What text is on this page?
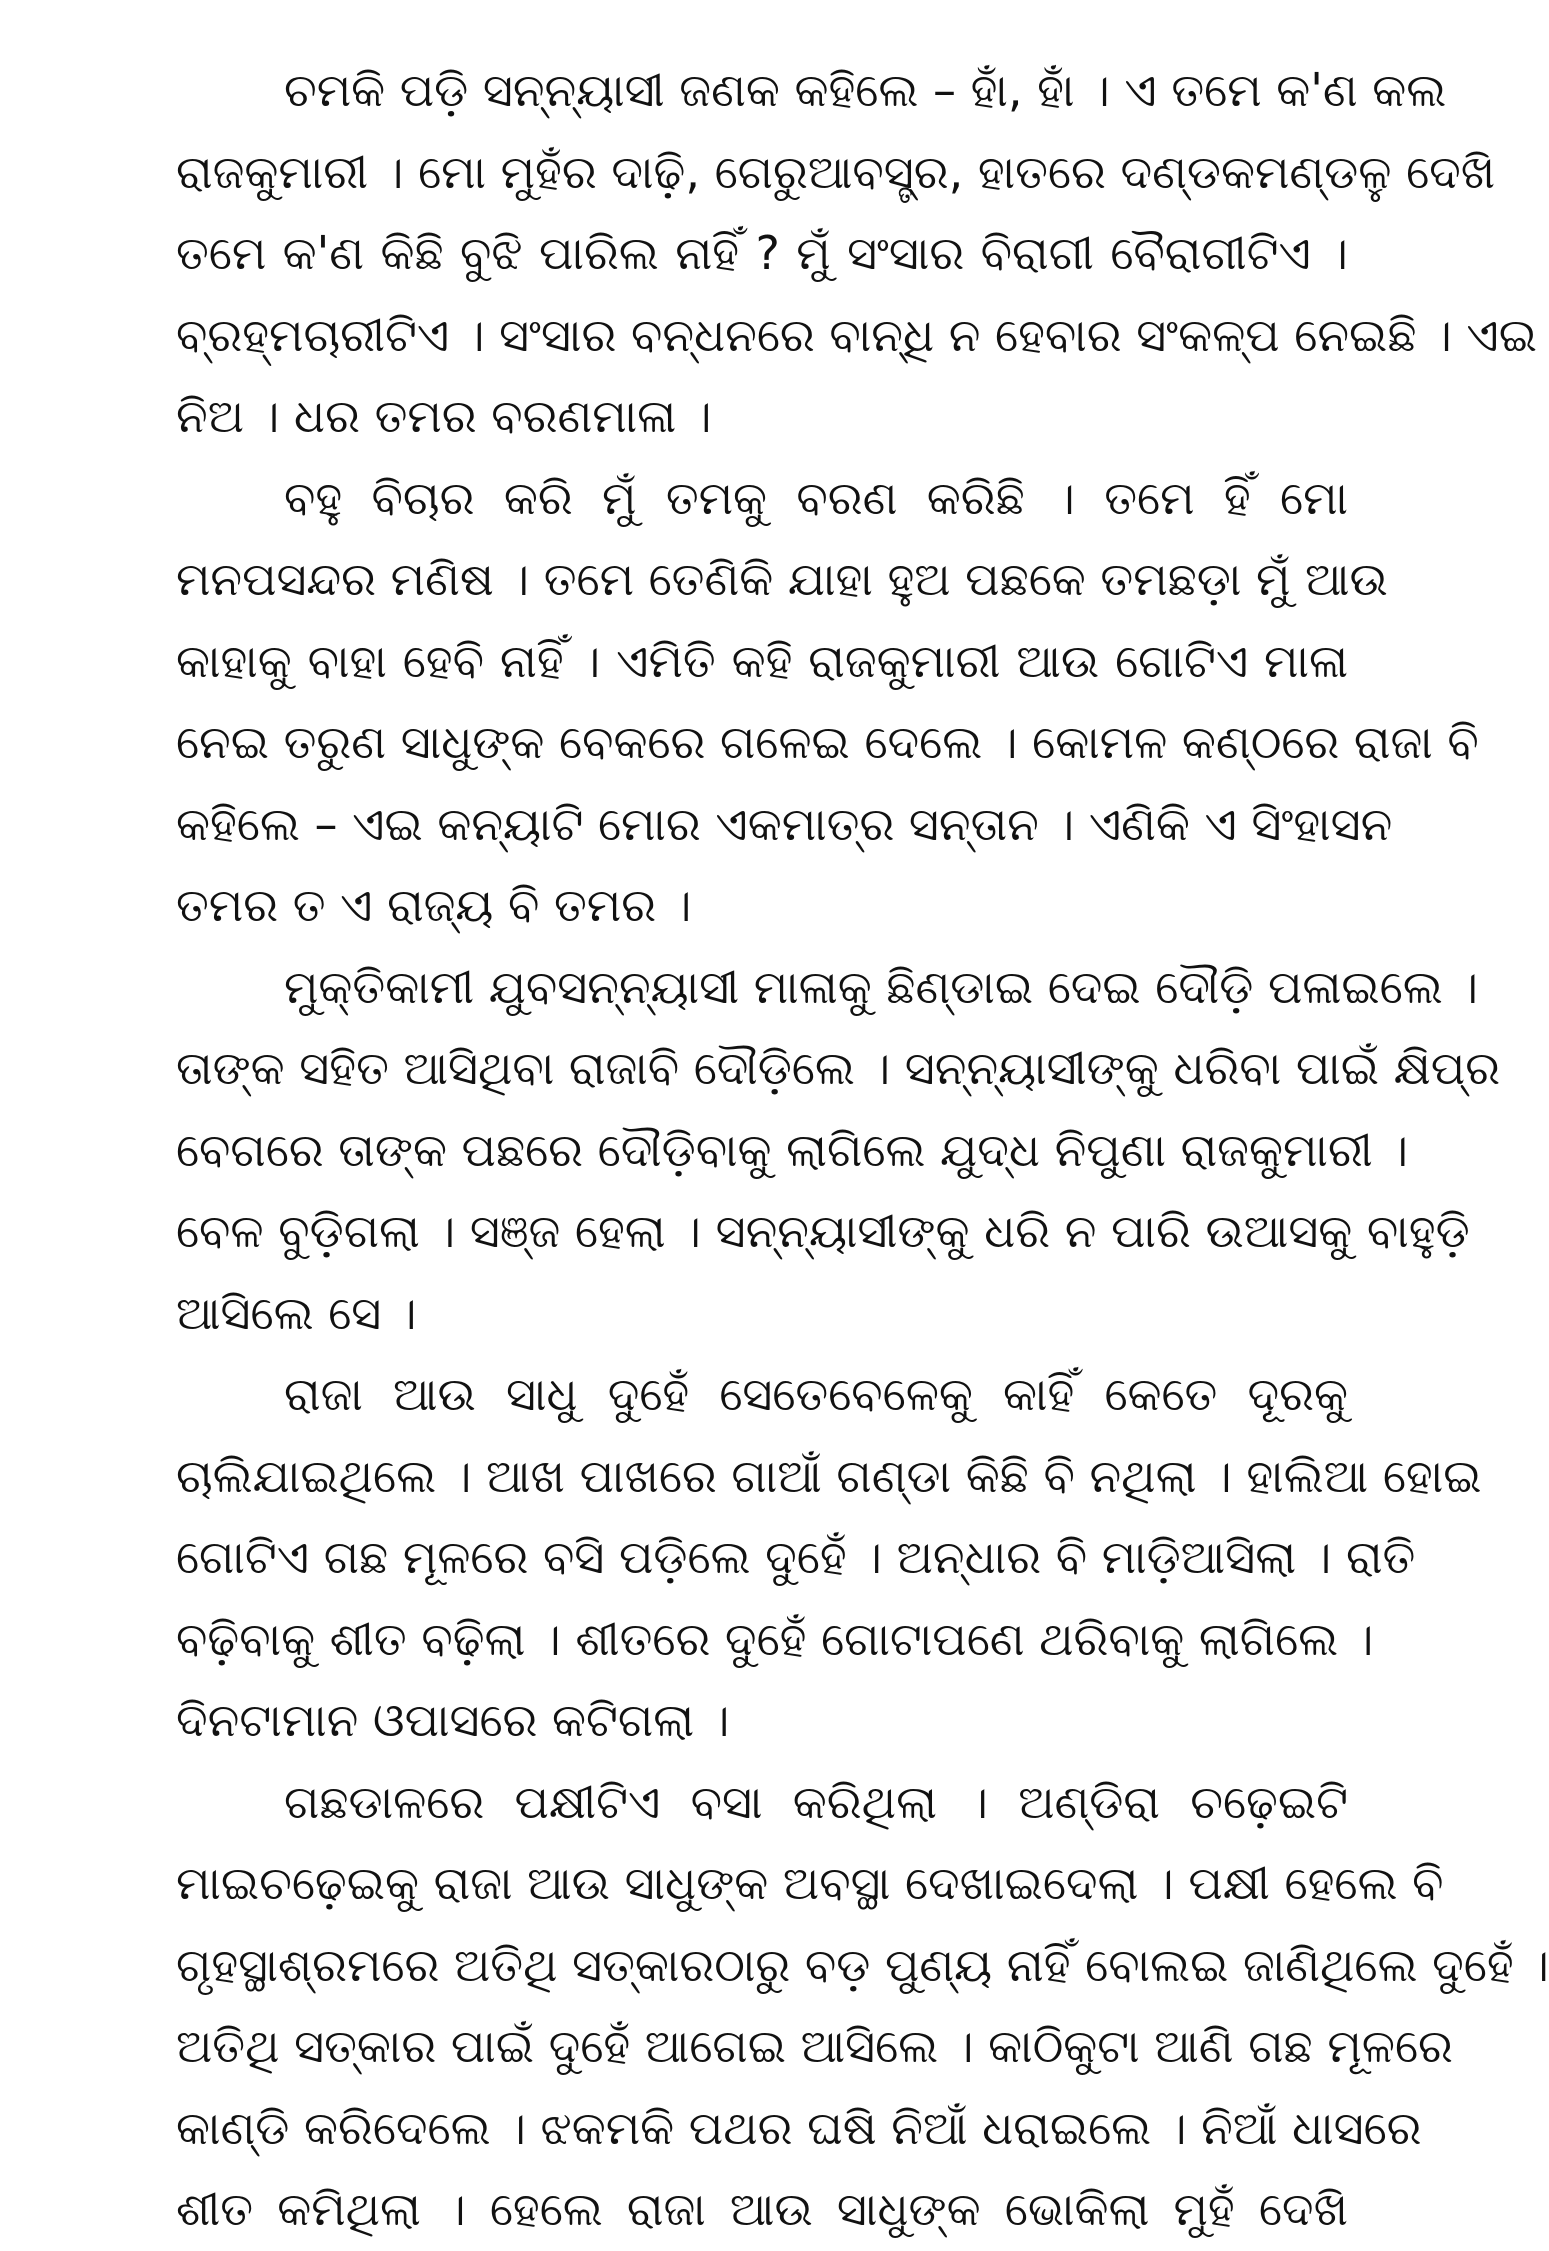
ଚମକି ପଡ଼ି ସନ୍ନ୍ୟାସୀ ଜଣକ କହିଲେ – ହାଁ, ହାଁ । ଏ ତମେ କ'ଣ କଲ
ରାଜକୁମାରୀ । ମୋ ମୁହଁର ଦାଢ଼ି, ଗେରୁଆବସ୍ତ୍ର, ହାତରେ ଦଣ୍ଡକମଣ୍ଡଳୁ ଦେଖି
ତମେ କ'ଣ କିଛି ବୁଝି ପାରିଲ ନାହିଁ ? ମୁଁ ସଂସାର ବିରାଗୀ ବୈରାଗୀଟିଏ ।
ବ୍ରହ୍ମଚାରୀଟିଏ । ସଂସାର ବନ୍ଧନରେ ବାନ୍ଧି ନ ହେବାର ସଂକଳ୍ପ ନେଇଛି । ଏଇ
ନିଅ । ଧର ତମର ବରଣମାଳା ।
ବହୁ ବିଚାର କରି ମୁଁ ତମକୁ ବରଣ କରିଛି । ତମେ ହିଁ ମୋ
ମନପସନ୍ଦର ମଣିଷ । ତମେ ତେଣିକି ଯାହା ହୁଅ ପଛକେ ତମଛଡ଼ା ମୁଁ ଆଉ
କାହାକୁ ବାହା ହେବି ନାହିଁ । ଏମିତି କହି ରାଜକୁମାରୀ ଆଉ ଗୋଟିଏ ମାଳା
ନେଇ ତରୁଣ ସାଧୁଙ୍କ ବେକରେ ଗଳେଇ ଦେଲେ । କୋମଳ କଣ୍ଠରେ ରାଜା ବି
କହିଲେ – ଏଇ କନ୍ୟାଟି ମୋର ଏକମାତ୍ର ସନ୍ତାନ । ଏଣିକି ଏ ସିଂହାସନ
ତମର ତ ଏ ରାଜ୍ୟ ବି ତମର ।
ମୁକ୍ତିକାମୀ ଯୁବସନ୍ନ୍ୟାସୀ ମାଳାକୁ ଛିଣ୍ଡାଇ ଦେଇ ଦୌଡ଼ି ପଳାଇଲେ ।
ତାଙ୍କ ସହିତ ଆସିଥିବା ରାଜାବି ଦୌଡ଼ିଲେ । ସନ୍ନ୍ୟାସୀଙ୍କୁ ଧରିବା ପାଇଁ କ୍ଷିପ୍ର
ବେଗରେ ତାଙ୍କ ପଛରେ ଦୌଡ଼ିବାକୁ ଲାଗିଲେ ଯୁଦ୍ଧ ନିପୁଣା ରାଜକୁମାରୀ ।
ବେଳ ବୁଡ଼ିଗଲା । ସଞ୍ଜ ହେଲା । ସନ୍ନ୍ୟାସୀଙ୍କୁ ଧରି ନ ପାରି ଉଆସକୁ ବାହୁଡ଼ି
ଆସିଲେ ସେ ।
ରାଜା ଆଉ ସାଧୁ ଦୁହେଁ ସେତେବେଳେକୁ କାହିଁ କେତେ ଦୂରକୁ
ଚାଲିଯାଇଥିଲେ । ଆଖ ପାଖରେ ଗାଆଁ ଗଣ୍ଡା କିଛି ବି ନଥିଲା । ହାଲିଆ ହୋଇ
ଗୋଟିଏ ଗଛ ମୂଳରେ ବସି ପଡ଼ିଲେ ଦୁହେଁ । ଅନ୍ଧାର ବି ମାଡ଼ିଆସିଲା । ରାତି
ବଢ଼ିବାକୁ ଶୀତ ବଢ଼ିଲା । ଶୀତରେ ଦୁହେଁ ଗୋଟାପଣେ ଥରିବାକୁ ଲାଗିଲେ ।
ଦିନଟାମାନ ଓପାସରେ କଟିଗଲା ।
ଗଛଡାଳରେ ପକ୍ଷୀଟିଏ ବସା କରିଥିଲା । ଅଣ୍ଡିରା ଚଢ଼େଇଟି
ମାଇଚଢ଼େଇକୁ ରାଜା ଆଉ ସାଧୁଙ୍କ ଅବସ୍ଥା ଦେଖାଇଦେଲା । ପକ୍ଷୀ ହେଲେ ବି
ଗୃହସ୍ଥାଶ୍ରମରେ ଅତିଥି ସତ୍କାରଠାରୁ ବଡ଼ ପୁଣ୍ୟ ନାହିଁ ବୋଲଇ ଜାଣିଥିଲେ ଦୁହେଁ ।
ଅତିଥି ସତ୍କାର ପାଇଁ ଦୁହେଁ ଆଗେଇ ଆସିଲେ । କାଠିକୁଟା ଆଣି ଗଛ ମୂଳରେ
କାଣ୍ଡି କରିଦେଲେ । ଝକମକି ପଥର ଘଷି ନିଆଁ ଧରାଇଲେ । ନିଆଁ ଧାସରେ
ଶୀତ କମିଥିଲା । ହେଲେ ରାଜା ଆଉ ସାଧୁଙ୍କ ଭୋକିଲା ମୁହଁ ଦେଖି
